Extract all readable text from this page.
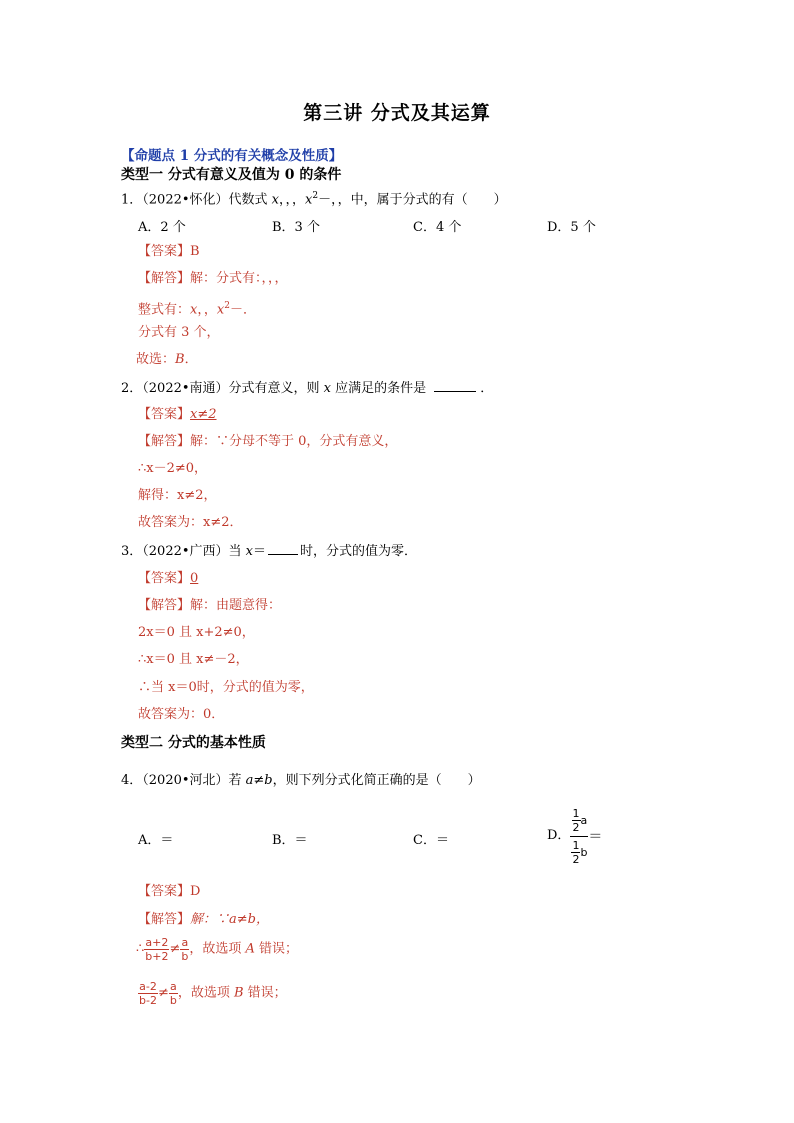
第三讲 分式及其运算
【命题点 1 分式的有关概念及性质】
类型一 分式有意义及值为 0 的条件
1．（2022•怀化）代数式 x，，，$x^2-$，，中，属于分式的有（　　）
A．2 个	B．3 个	C．4 个	D．5 个
【答案】B
【解答】解：分式有：，，，
整式有：x，，$x^2-$．
分式有 3 个，
故选：B．
2．（2022•南通）分式有意义，则 x 应满足的条件是	．
【答案】x≠2
【解答】解：∵分母不等于 0，分式有意义，
∴x－2≠0，
解得：x≠2，
故答案为：x≠2．
3．（2022•广西）当 x＝	时，分式的值为零．
【答案】0
【解答】解：由题意得：
2x＝0 且 x+2≠0，
∴x＝0 且 x≠－2，
∴当 x＝0时，分式的值为零，
故答案为：0．
类型二 分式的基本性质
4．（2020•河北）若 a≠b，则下列分式化简正确的是（　　）
A．＝	B．＝	C．＝	D． $\frac{\frac{1}{2} a}{\frac{1}{2} b}$ ＝
【答案】D
【解答】解：∵a≠b，
∴ $\frac{a+2}{b+2} \ne \frac{a}{b}$ ，故选项 A 错误；
$\frac{a-2}{b-2} \ne \frac{a}{b}$ ，故选项 B 错误；
